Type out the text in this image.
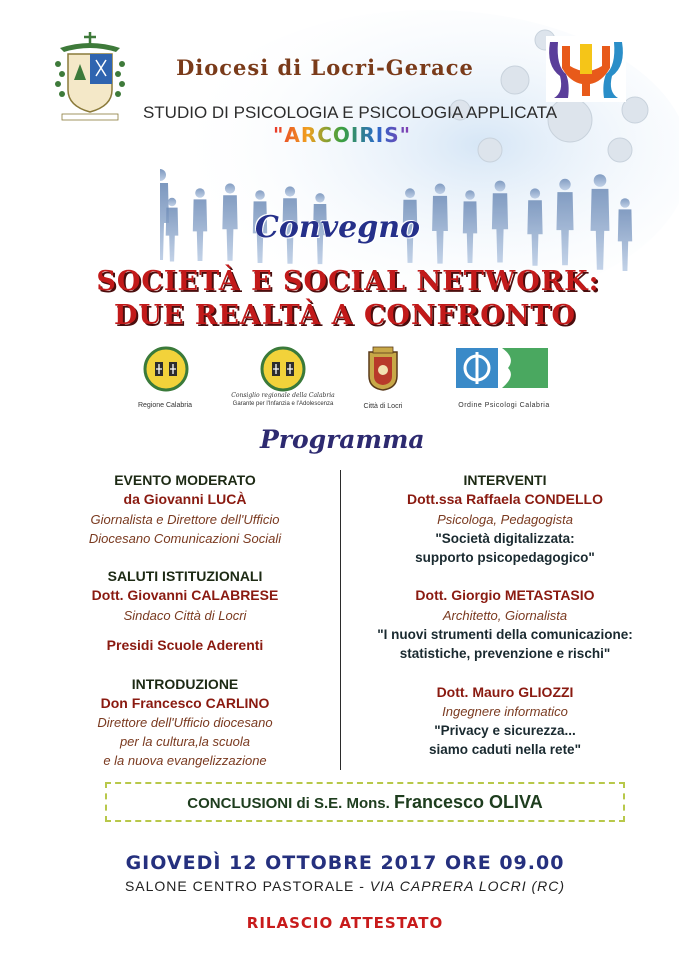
Diocesi di Locri-Gerace
STUDIO DI PSICOLOGIA E PSICOLOGIA APPLICATA
"ARCOIRIS"
Convegno
SOCIETÀ E SOCIAL NETWORK:
DUE REALTÀ A CONFRONTO
Regione Calabria
Consiglio regionale della Calabria
Garante per l'Infanzia e l'Adolescenza	Città di Locri	Ordine Psicologi Calabria
Programma
EVENTO MODERATO
da Giovanni LUCÀ
Giornalista e Direttore dell'Ufficio
Diocesano Comunicazioni Sociali
SALUTI ISTITUZIONALI
Dott. Giovanni CALABRESE
Sindaco Città di Locri
Presidi Scuole Aderenti
INTRODUZIONE
Don Francesco CARLINO
Direttore dell'Ufficio diocesano
per la cultura,la scuola
e la nuova evangelizzazione
INTERVENTI
Dott.ssa Raffaela CONDELLO
Psicologa, Pedagogista
"Società digitalizzata:
supporto psicopedagogico"
Dott. Giorgio METASTASIO
Architetto, Giornalista
"I nuovi strumenti della comunicazione:
statistiche, prevenzione e rischi"
Dott. Mauro GLIOZZI
Ingegnere informatico
"Privacy e sicurezza...
siamo caduti nella rete"
CONCLUSIONI di S.E. Mons. Francesco OLIVA
GIOVEDÌ 12 OTTOBRE 2017 ORE 09.00
SALONE CENTRO PASTORALE - VIA CAPRERA LOCRI (RC)
RILASCIO ATTESTATO
